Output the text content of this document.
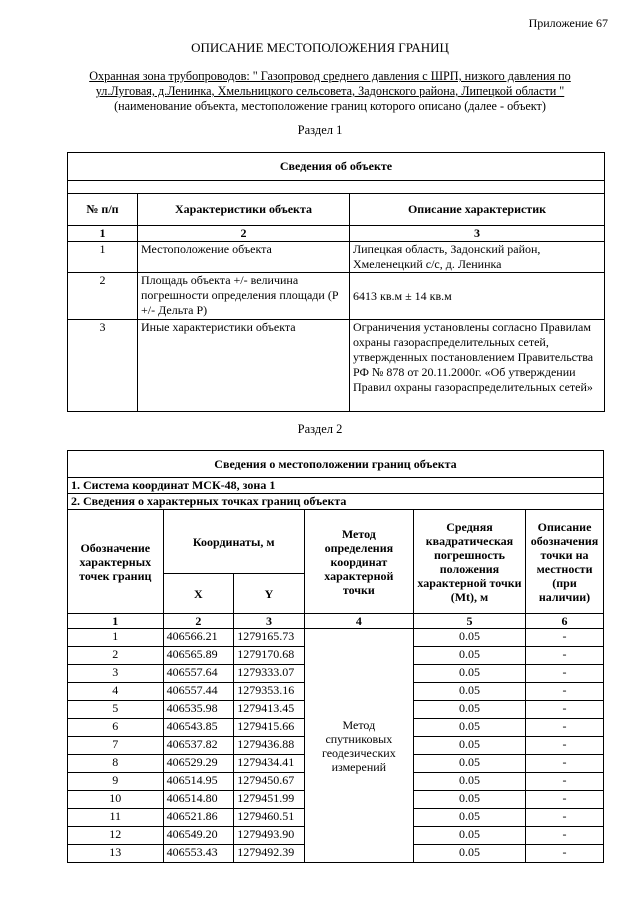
Приложение 67
ОПИСАНИЕ МЕСТОПОЛОЖЕНИЯ ГРАНИЦ
Охранная зона трубопроводов: " Газопровод среднего давления с ШРП, низкого давления по
ул.Луговая, д.Ленинка, Хмельницкого сельсовета, Задонского района, Липецкой области "
(наименование объекта, местоположение границ которого описано (далее - объект)
Раздел 1
Сведения об объекте		

№ п/п	Характеристики объекта	Описание характеристик
1	2	3
1	Местоположение объекта	Липецкая область, Задонский район, Хмеленецкий с/с, д. Ленинка
2	Площадь объекта +/- величина погрешности определения площади (Р +/- Дельта Р)	6413 кв.м ± 14 кв.м
3	Иные характеристики объекта	Ограничения установлены согласно Правилам охраны газораспределительных сетей, утвержденных постановлением Правительства РФ № 878 от 20.11.2000г. «Об утверждении Правил охраны газораспределительных сетей»
Раздел 2
Сведения о местоположении границ объекта					
1. Система координат МСК-48, зона 1					
2. Сведения о характерных точках границ объекта					
Обозначение характерных точек границ	Координаты, м		Метод определения координат характерной точки	Средняя квадратическая погрешность положения характерной точки (Mt), м	Описание обозначения точки на местности (при наличии)
	X	Y			
1	2	3	4	5	6
1	406566.21	1279165.73	Метод спутниковых геодезических измерений	0.05	-
2	406565.89	1279170.68		0.05	-
3	406557.64	1279333.07		0.05	-
4	406557.44	1279353.16		0.05	-
5	406535.98	1279413.45		0.05	-
6	406543.85	1279415.66		0.05	-
7	406537.82	1279436.88		0.05	-
8	406529.29	1279434.41		0.05	-
9	406514.95	1279450.67		0.05	-
10	406514.80	1279451.99		0.05	-
11	406521.86	1279460.51		0.05	-
12	406549.20	1279493.90		0.05	-
13	406553.43	1279492.39		0.05	-
